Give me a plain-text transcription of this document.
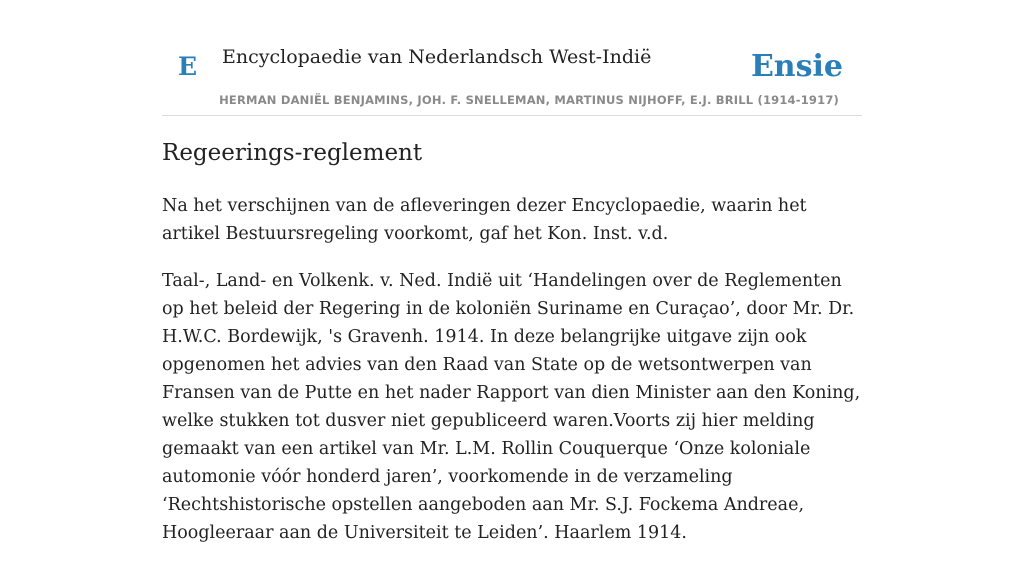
E Encyclopaedie van Nederlandsch West-Indië	Ensie
HERMAN DANIËL BENJAMINS, JOH. F. SNELLEMAN, MARTINUS NIJHOFF, E.J. BRILL (1914-1917)
Regeerings-reglement

Na het verschijnen van de afleveringen dezer Encyclopaedie, waarin het artikel Bestuursregeling voorkomt, gaf het Kon. Inst. v.d.

Taal-, Land- en Volkenk. v. Ned. Indië uit ‘Handelingen over de Reglementen op het beleid der Regering in de koloniën Suriname en Curaçao’, door Mr. Dr. H.W.C. Bordewijk, 's Gravenh. 1914. In deze belangrijke uitgave zijn ook opgenomen het advies van den Raad van State op de wetsontwerpen van Fransen van de Putte en het nader Rapport van dien Minister aan den Koning, welke stukken tot dusver niet gepubliceerd waren.Voorts zij hier melding gemaakt van een artikel van Mr. L.M. Rollin Couquerque ‘Onze koloniale automonie vóór honderd jaren’, voorkomende in de verzameling ‘Rechtshistorische opstellen aangeboden aan Mr. S.J. Fockema Andreae, Hoogleeraar aan de Universiteit te Leiden’. Haarlem 1914.
